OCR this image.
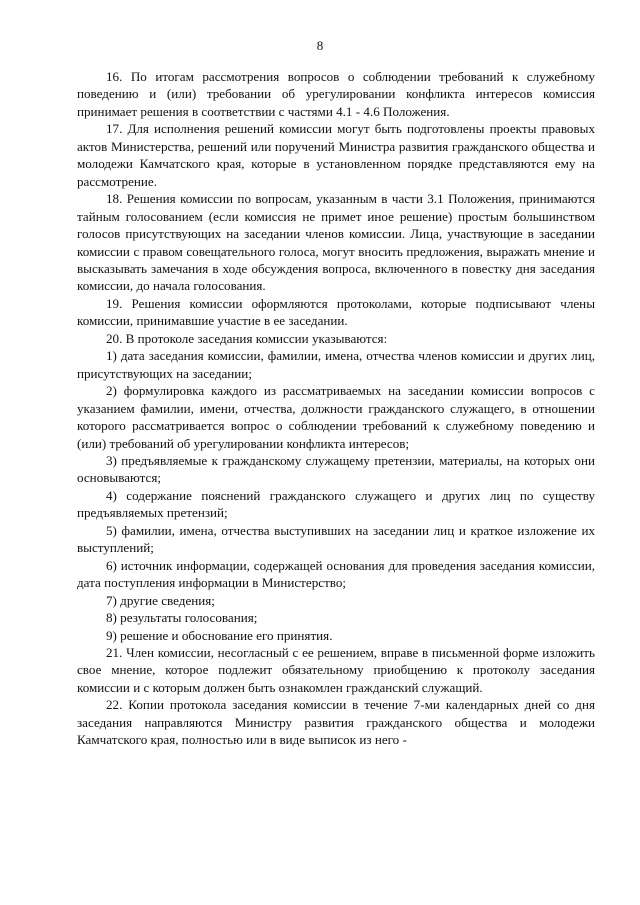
8

16. По итогам рассмотрения вопросов о соблюдении требований к служебному поведению и (или) требовании об урегулировании конфликта интересов комиссия принимает решения в соответствии с частями 4.1 - 4.6 Положения.

17. Для исполнения решений комиссии могут быть подготовлены проекты правовых актов Министерства, решений или поручений Министра развития гражданского общества и молодежи Камчатского края, которые в установленном порядке представляются ему на рассмотрение.

18. Решения комиссии по вопросам, указанным в части 3.1 Положения, принимаются тайным голосованием (если комиссия не примет иное решение) простым большинством голосов присутствующих на заседании членов комиссии. Лица, участвующие в заседании комиссии с правом совещательного голоса, могут вносить предложения, выражать мнение и высказывать замечания в ходе обсуждения вопроса, включенного в повестку дня заседания комиссии, до начала голосования.

19. Решения комиссии оформляются протоколами, которые подписывают члены комиссии, принимавшие участие в ее заседании.

20. В протоколе заседания комиссии указываются:

1) дата заседания комиссии, фамилии, имена, отчества членов комиссии и других лиц, присутствующих на заседании;

2) формулировка каждого из рассматриваемых на заседании комиссии вопросов с указанием фамилии, имени, отчества, должности гражданского служащего, в отношении которого рассматривается вопрос о соблюдении требований к служебному поведению и (или) требований об урегулировании конфликта интересов;

3) предъявляемые к гражданскому служащему претензии, материалы, на которых они основываются;

4) содержание пояснений гражданского служащего и других лиц по существу предъявляемых претензий;

5) фамилии, имена, отчества выступивших на заседании лиц и краткое изложение их выступлений;

6) источник информации, содержащей основания для проведения заседания комиссии, дата поступления информации в Министерство;

7) другие сведения;

8) результаты голосования;

9) решение и обоснование его принятия.

21. Член комиссии, несогласный с ее решением, вправе в письменной форме изложить свое мнение, которое подлежит обязательному приобщению к протоколу заседания комиссии и с которым должен быть ознакомлен гражданский служащий.

22. Копии протокола заседания комиссии в течение 7-ми календарных дней со дня заседания направляются Министру развития гражданского общества и молодежи Камчатского края, полностью или в виде выписок из него -
